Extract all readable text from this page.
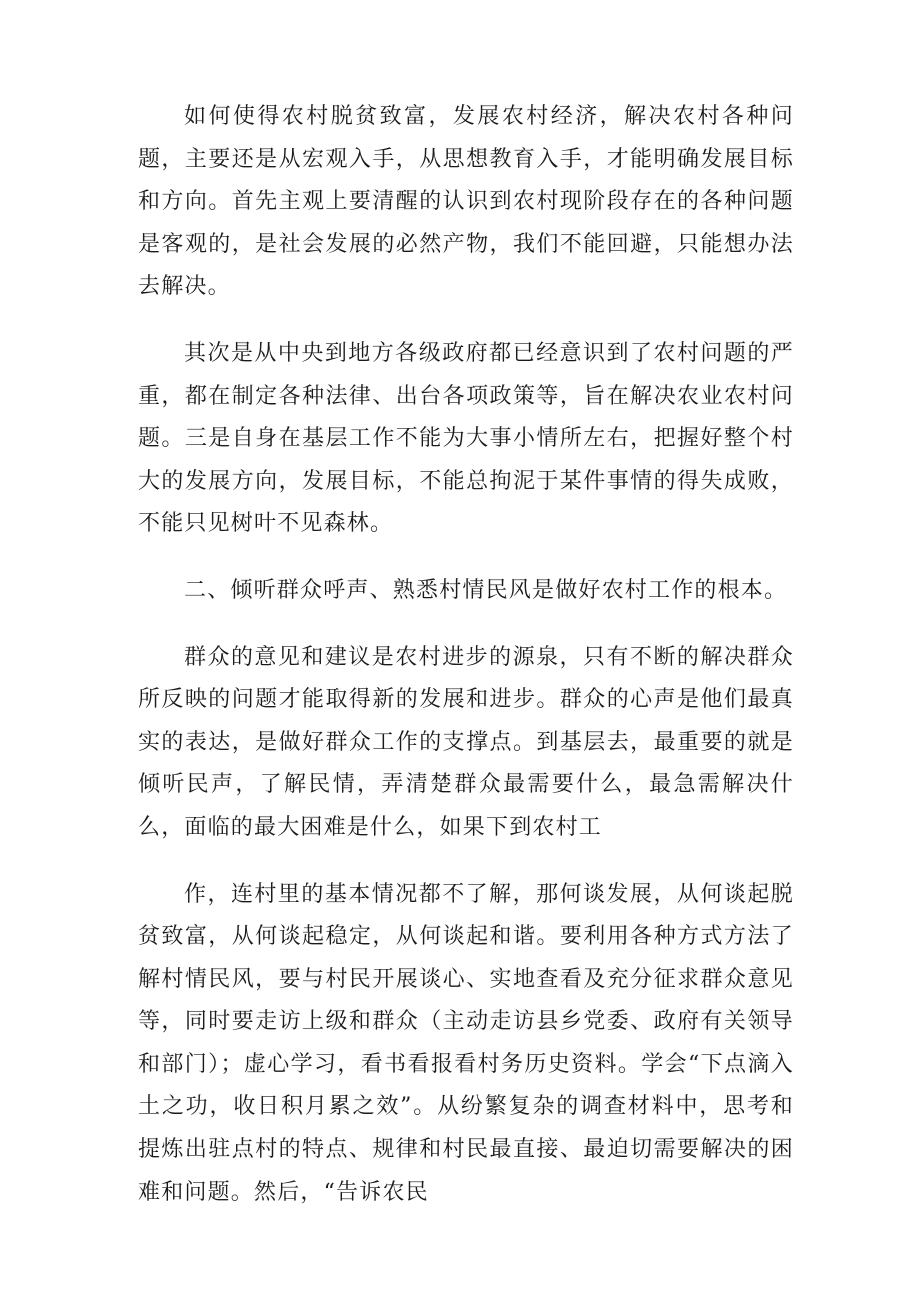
如何使得农村脱贫致富，发展农村经济，解决农村各种问题，主要还是从宏观入手，从思想教育入手，才能明确发展目标和方向。首先主观上要清醒的认识到农村现阶段存在的各种问题是客观的，是社会发展的必然产物，我们不能回避，只能想办法去解决。

其次是从中央到地方各级政府都已经意识到了农村问题的严重，都在制定各种法律、出台各项政策等，旨在解决农业农村问题。三是自身在基层工作不能为大事小情所左右，把握好整个村大的发展方向，发展目标，不能总拘泥于某件事情的得失成败，不能只见树叶不见森林。

二、倾听群众呼声、熟悉村情民风是做好农村工作的根本。

群众的意见和建议是农村进步的源泉，只有不断的解决群众所反映的问题才能取得新的发展和进步。群众的心声是他们最真实的表达，是做好群众工作的支撑点。到基层去，最重要的就是倾听民声，了解民情，弄清楚群众最需要什么，最急需解决什么，面临的最大困难是什么，如果下到农村工

作，连村里的基本情况都不了解，那何谈发展，从何谈起脱贫致富，从何谈起稳定，从何谈起和谐。要利用各种方式方法了解村情民风，要与村民开展谈心、实地查看及充分征求群众意见等，同时要走访上级和群众（主动走访县乡党委、政府有关领导和部门）；虚心学习，看书看报看村务历史资料。学会“下点滴入土之功，收日积月累之效”。从纷繁复杂的调查材料中，思考和提炼出驻点村的特点、规律和村民最直接、最迫切需要解决的困难和问题。然后，“告诉农民
